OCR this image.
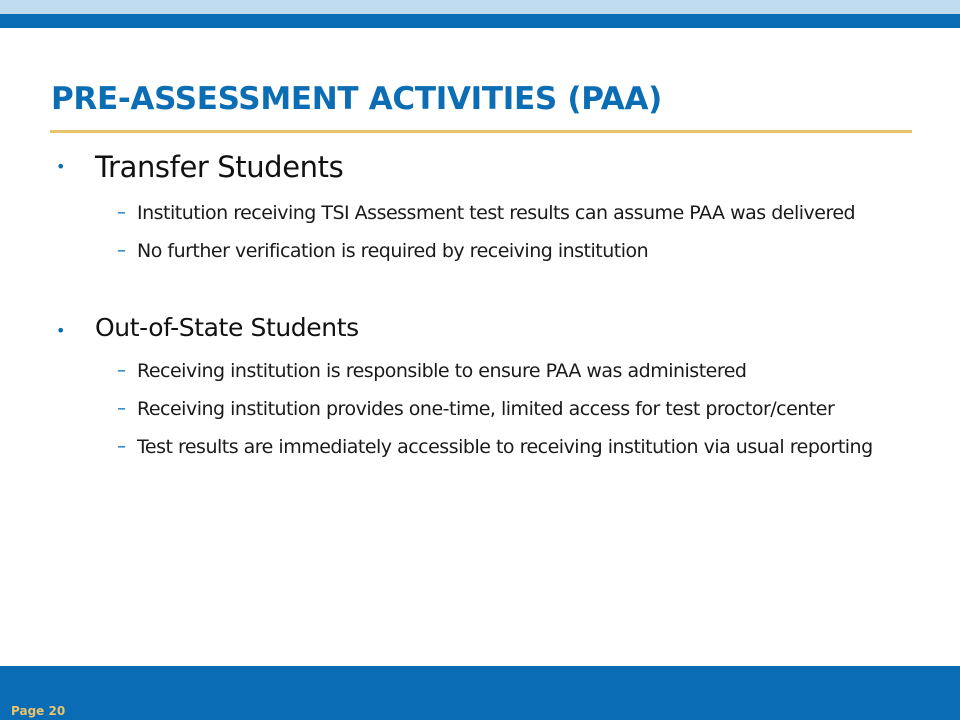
PRE-ASSESSMENT ACTIVITIES (PAA)
• Transfer Students
– Institution receiving TSI Assessment test results can assume PAA was delivered
– No further verification is required by receiving institution
• Out-of-State Students
– Receiving institution is responsible to ensure PAA was administered
– Receiving institution provides one-time, limited access for test proctor/center
– Test results are immediately accessible to receiving institution via usual reporting
Page 20
